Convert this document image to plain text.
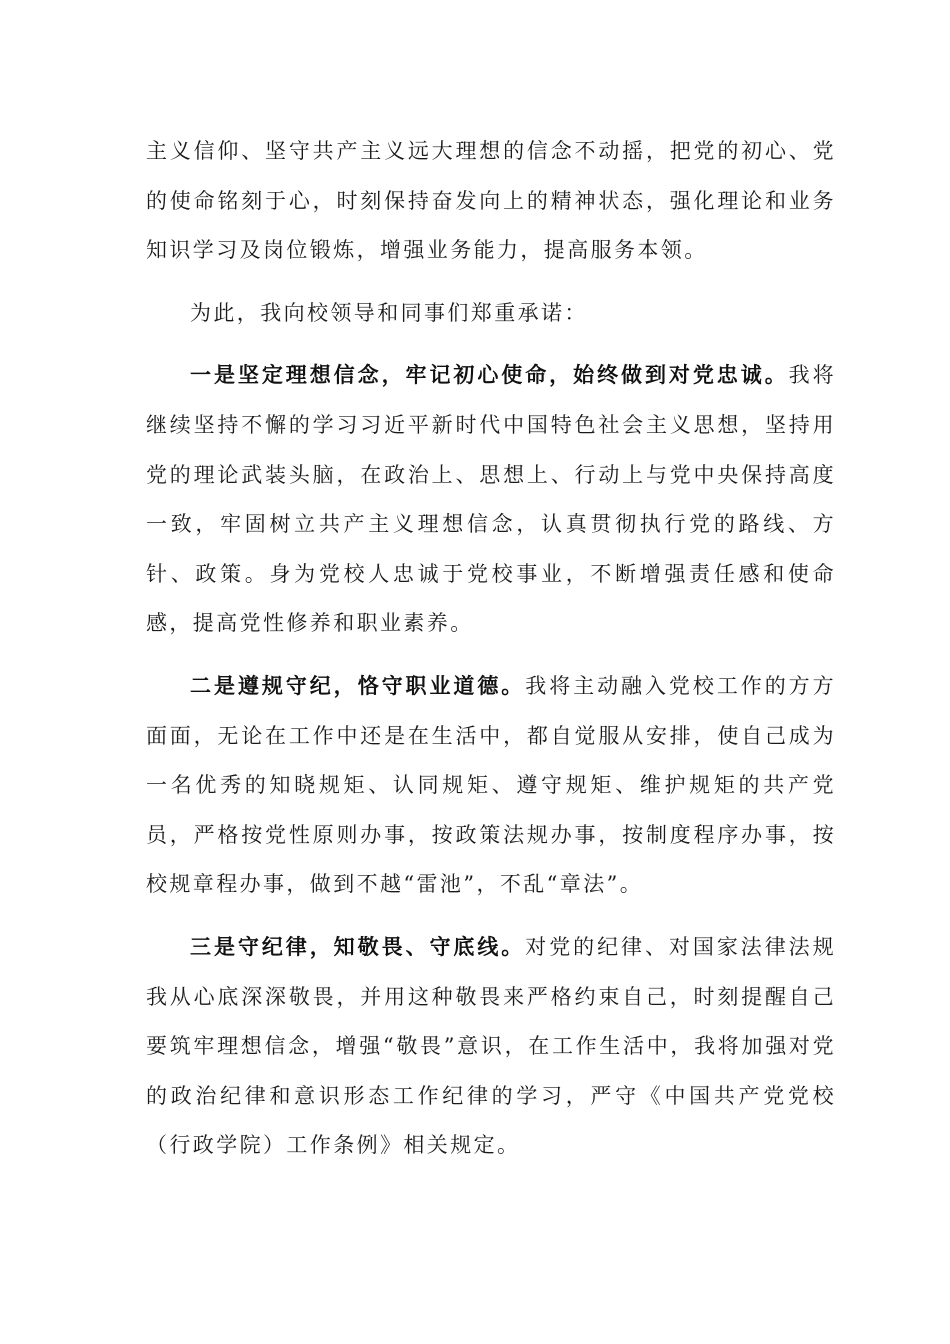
主义信仰、坚守共产主义远大理想的信念不动摇，把党的初心、党的使命铭刻于心，时刻保持奋发向上的精神状态，强化理论和业务知识学习及岗位锻炼，增强业务能力，提高服务本领。

为此，我向校领导和同事们郑重承诺：

一是坚定理想信念，牢记初心使命，始终做到对党忠诚。我将继续坚持不懈的学习习近平新时代中国特色社会主义思想，坚持用党的理论武装头脑，在政治上、思想上、行动上与党中央保持高度一致，牢固树立共产主义理想信念，认真贯彻执行党的路线、方针、政策。身为党校人忠诚于党校事业，不断增强责任感和使命感，提高党性修养和职业素养。

二是遵规守纪，恪守职业道德。我将主动融入党校工作的方方面面，无论在工作中还是在生活中，都自觉服从安排，使自己成为一名优秀的知晓规矩、认同规矩、遵守规矩、维护规矩的共产党员，严格按党性原则办事，按政策法规办事，按制度程序办事，按校规章程办事，做到不越“雷池”，不乱“章法”。

三是守纪律，知敬畏、守底线。对党的纪律、对国家法律法规我从心底深深敬畏，并用这种敬畏来严格约束自己，时刻提醒自己要筑牢理想信念，增强“敬畏”意识，在工作生活中，我将加强对党的政治纪律和意识形态工作纪律的学习，严守《中国共产党党校（行政学院）工作条例》相关规定。
